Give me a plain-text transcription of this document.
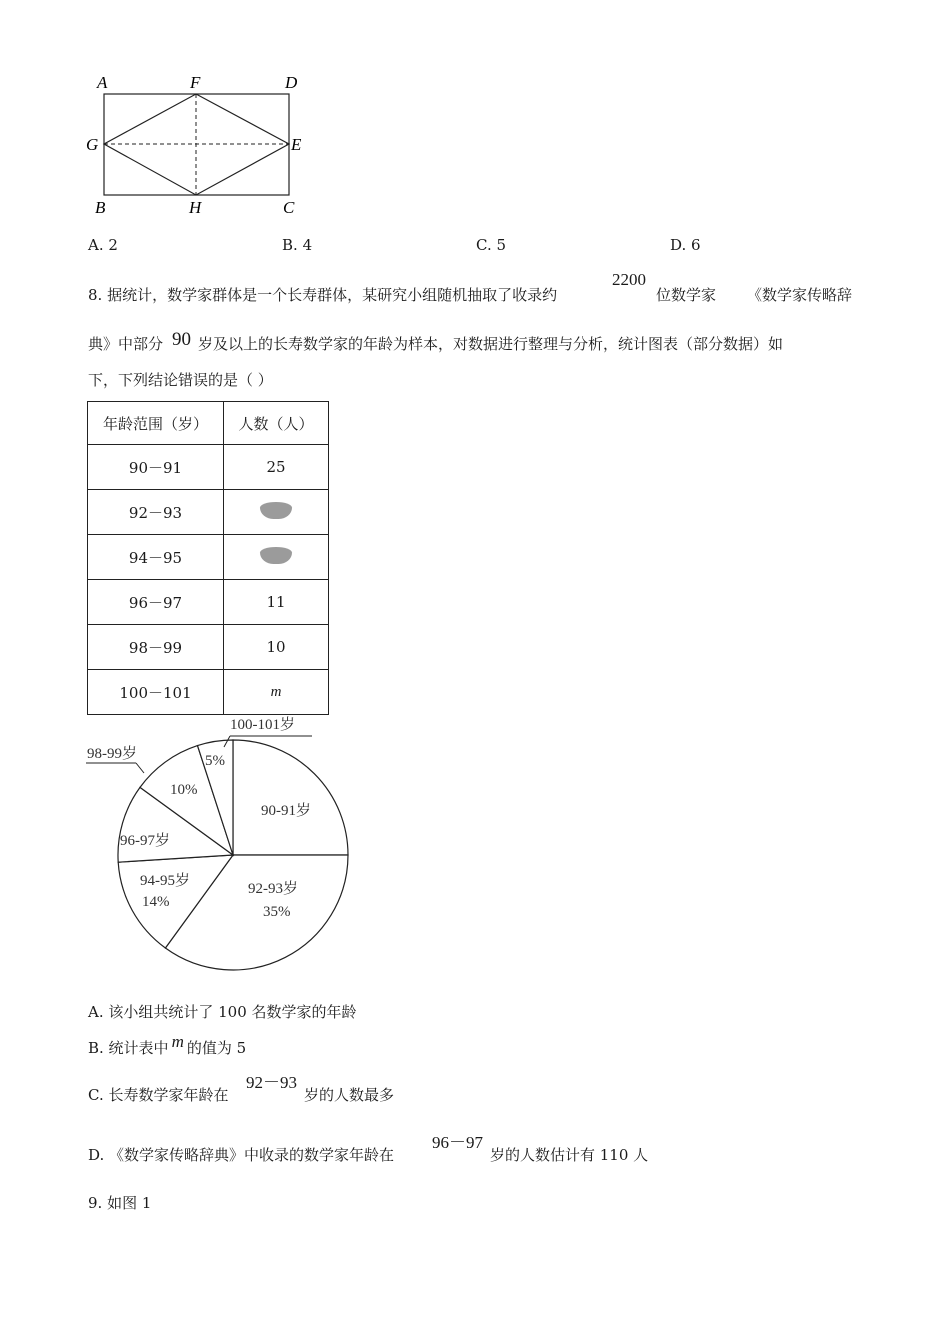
A	F	D
G	E
B	H	C
A. 2	B. 4	C. 5	D. 6
8. 据统计，数学家群体是一个长寿群体，某研究小组随机抽取了收录约
2200
位数学家 《数学家传略辞
典》中部分 90 岁及以上的长寿数学家的年龄为样本，对数据进行整理与分析，统计图表（部分数据）如
下，下列结论错误的是（ ）
年龄范围（岁）	人数（人）
90－91	25
92－93	
94－95	
96－97	11
98－99	10
100－101	m
100-101岁
5%
98-99岁
10%
90-91岁
96-97岁
94-95岁
14%
92-93岁
35%
A. 该小组共统计了 100 名数学家的年龄
B. 统计表中 m 的值为 5
C. 长寿数学家年龄在
92－93
岁的人数最多
D. 《数学家传略辞典》中收录的数学家年龄在
96－97
岁的人数估计有 110 人
9. 如图 1
